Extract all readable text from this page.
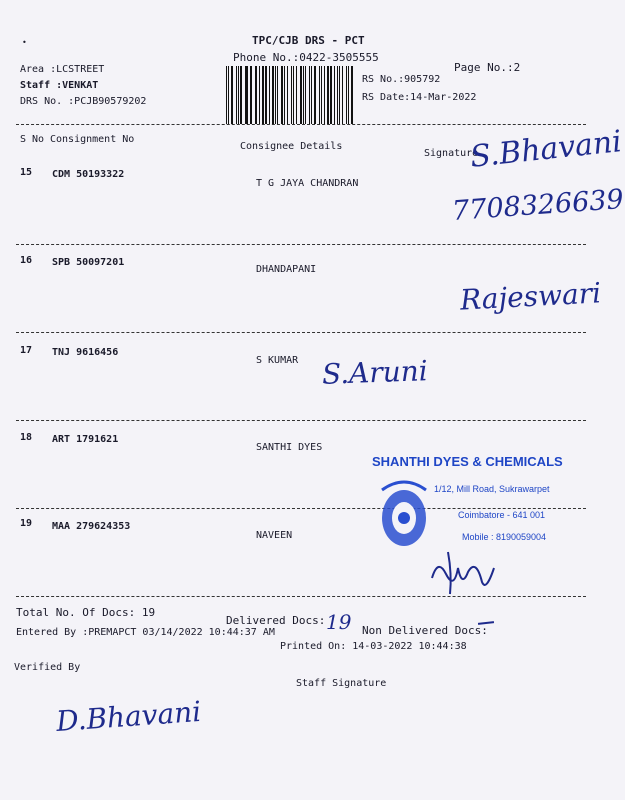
•	TPC/CJB DRS - PCT
Phone No.:0422-3505555
Page No.:2
Area :LCSTREET
Staff :VENKAT
DRS No. :PCJB90579202
RS No.:905792
RS Date:14-Mar-2022
S No Consignment No
Consignee Details
Signature
15 CDM 50193322
T G JAYA CHANDRAN
16 SPB 50097201
DHANDAPANI
17 TNJ 9616456
S KUMAR
18 ART 1791621
SANTHI DYES
19 MAA 279624353
NAVEEN
S.Bhavani
7708326639
Rajeswari
S.Aruni
SHANTHI DYES & CHEMICALS
1/12, Mill Road, Sukrawarpet
Coimbatore - 641 001
Mobile : 8190059004
Total No. Of Docs: 19
Delivered Docs: 19 Non Delivered Docs:
Entered By :PREMAPCT 03/14/2022 10:44:37 AM
Printed On: 14-03-2022 10:44:38
Verified By
Staff Signature
D.Bhavani
